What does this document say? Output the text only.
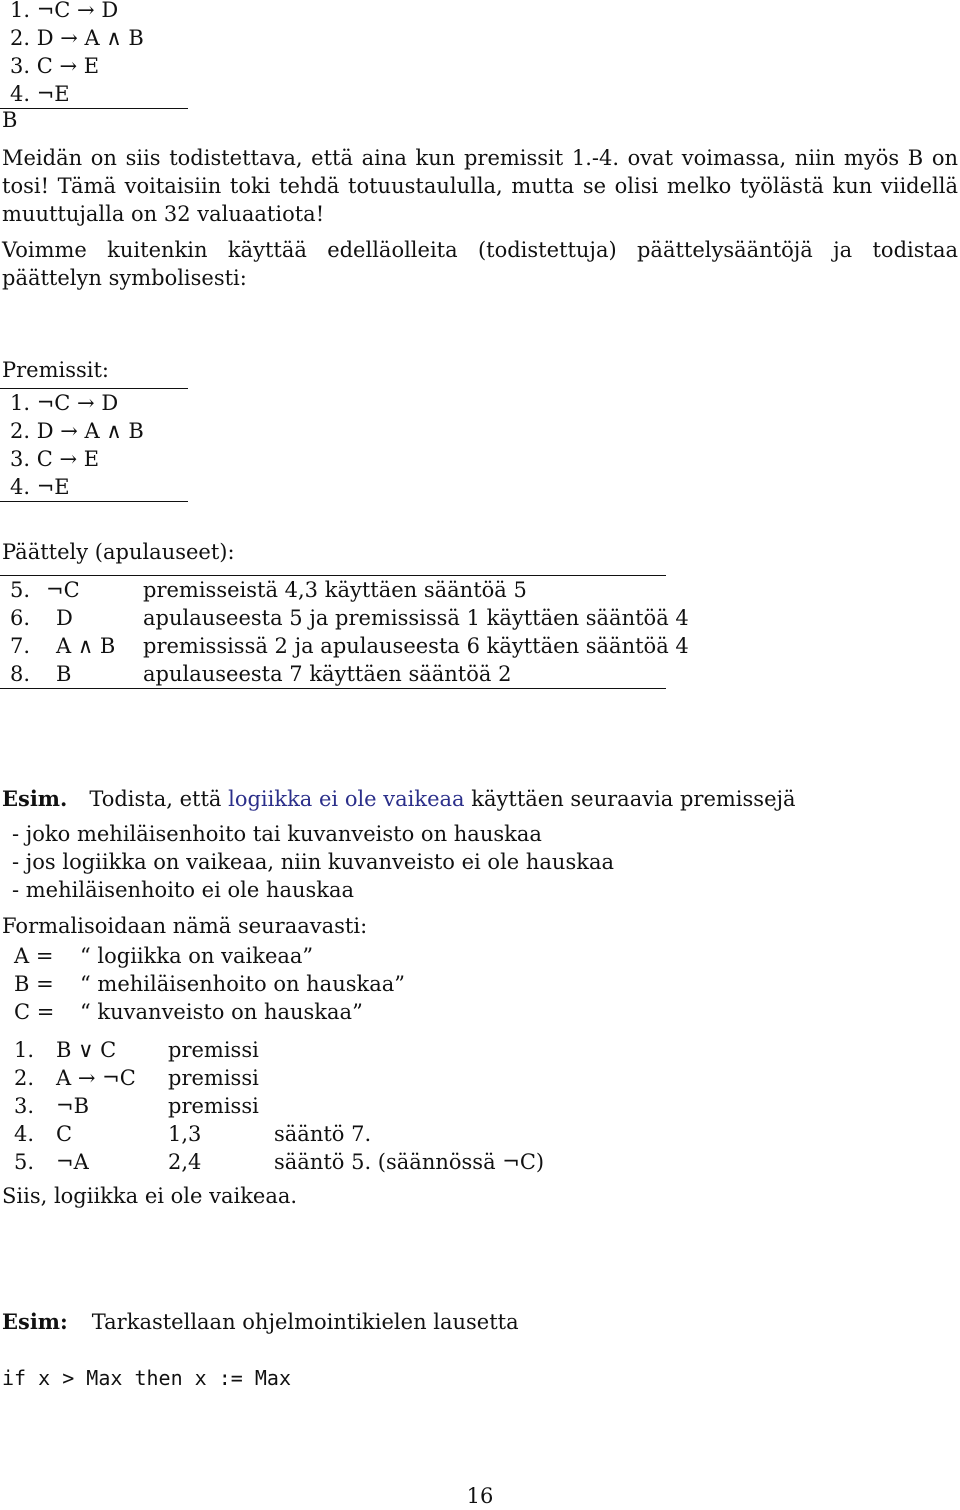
1. ¬C → D
2. D → A ∧ B
3. C → E
4. ¬E
B
Meidän on siis todistettava, että aina kun premissit 1.-4. ovat voimassa, niin myös B on tosi! Tämä voitaisiin toki tehdä totuustaululla, mutta se olisi melko työlästä kun viidellä muuttujalla on 32 valuaatiota!
Voimme kuitenkin käyttää edelläolleita (todistettuja) päättelysääntöjä ja todistaa päättelyn symbolisesti:
Premissit:
1. ¬C → D
2. D → A ∧ B
3. C → E
4. ¬E
Päättely (apulauseet):
5. ¬C	premisseistä 4,3 käyttäen sääntöä 5
6. D	apulauseesta 5 ja premississä 1 käyttäen sääntöä 4
7. A ∧ B premississä 2 ja apulauseesta 6 käyttäen sääntöä 4
8. B	apulauseesta 7 käyttäen sääntöä 2
Esim. Todista, että logiikka ei ole vaikeaa käyttäen seuraavia premissejä
- joko mehiläisenhoito tai kuvanveisto on hauskaa
- jos logiikka on vaikeaa, niin kuvanveisto ei ole hauskaa
- mehiläisenhoito ei ole hauskaa
Formalisoidaan nämä seuraavasti:
A = “ logiikka on vaikeaa”
B = “ mehiläisenhoito on hauskaa”
C = “ kuvanveisto on hauskaa”
1. B ∨ C premissi
2. A → ¬C premissi
3. ¬B	premissi
4. C	1,3	sääntö 7.
5. ¬A	2,4	sääntö 5. (säännössä ¬C)
Siis, logiikka ei ole vaikeaa.
Esim: Tarkastellaan ohjelmointikielen lausetta
if x > Max then x := Max
16
